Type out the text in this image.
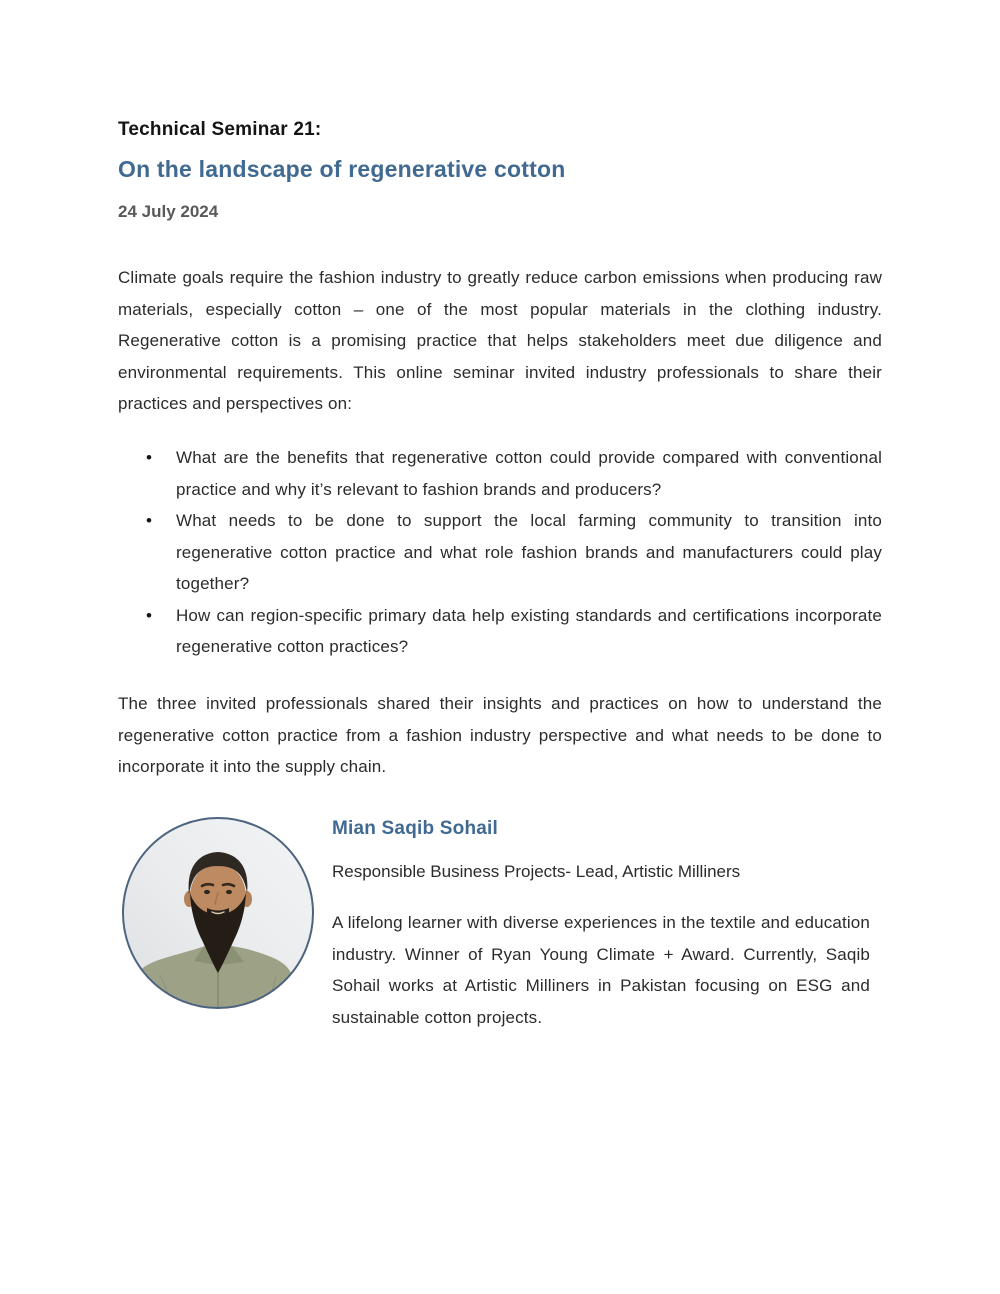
Technical Seminar 21:
On the landscape of regenerative cotton
24 July 2024

Climate goals require the fashion industry to greatly reduce carbon emissions when producing raw materials, especially cotton – one of the most popular materials in the clothing industry. Regenerative cotton is a promising practice that helps stakeholders meet due diligence and environmental requirements. This online seminar invited industry professionals to share their practices and perspectives on:

• What are the benefits that regenerative cotton could provide compared with conventional practice and why it’s relevant to fashion brands and producers?
• What needs to be done to support the local farming community to transition into regenerative cotton practice and what role fashion brands and manufacturers could play together?
• How can region-specific primary data help existing standards and certifications incorporate regenerative cotton practices?

The three invited professionals shared their insights and practices on how to understand the regenerative cotton practice from a fashion industry perspective and what needs to be done to incorporate it into the supply chain.

Mian Saqib Sohail
Responsible Business Projects- Lead, Artistic Milliners

A lifelong learner with diverse experiences in the textile and education industry. Winner of Ryan Young Climate + Award. Currently, Saqib Sohail works at Artistic Milliners in Pakistan focusing on ESG and sustainable cotton projects.
